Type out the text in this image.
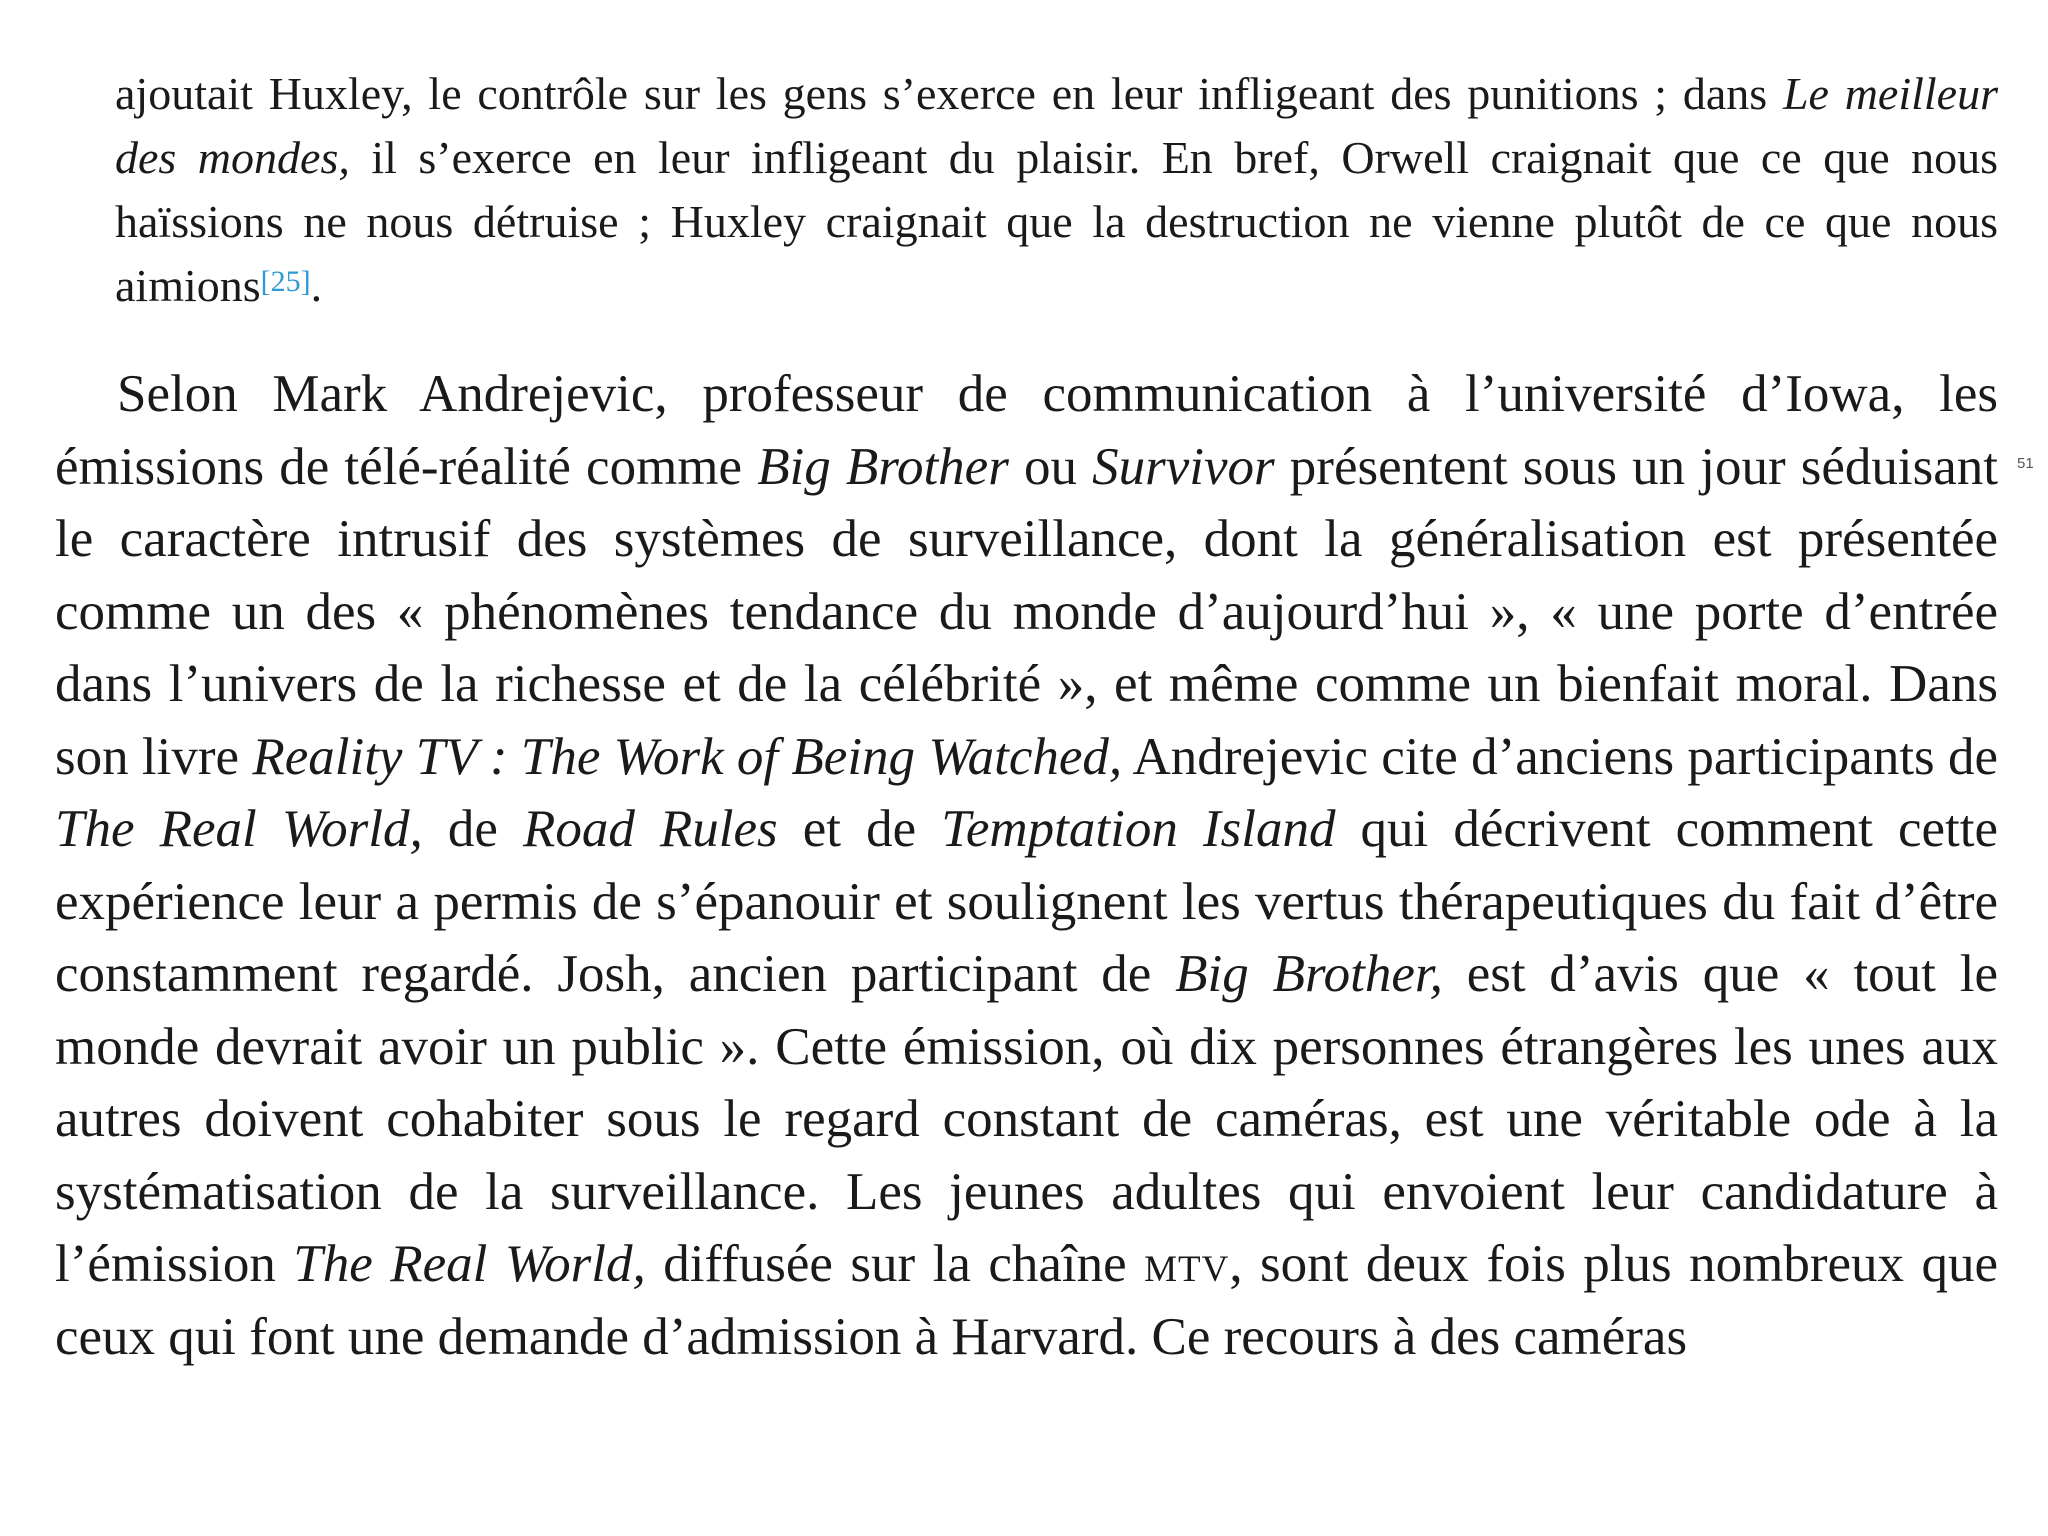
ajoutait Huxley, le contrôle sur les gens s’exerce en leur infligeant des punitions ; dans Le meilleur des mondes, il s’exerce en leur infligeant du plaisir. En bref, Orwell craignait que ce que nous haïssions ne nous détruise ; Huxley craignait que la destruction ne vienne plutôt de ce que nous aimions[25].

Selon Mark Andrejevic, professeur de communication à l’université d’Iowa, les émissions de télé-réalité comme Big Brother ou Survivor présentent sous un jour séduisant le caractère intrusif des systèmes de surveillance, dont la généralisation est présentée comme un des « phénomènes tendance du monde d’aujourd’hui », « une porte d’entrée dans l’univers de la richesse et de la célébrité », et même comme un bienfait moral. Dans son livre Reality TV : The Work of Being Watched, Andrejevic cite d’anciens participants de The Real World, de Road Rules et de Temptation Island qui décrivent comment cette expérience leur a permis de s’épanouir et soulignent les vertus thérapeutiques du fait d’être constamment regardé. Josh, ancien participant de Big Brother, est d’avis que « tout le monde devrait avoir un public ». Cette émission, où dix personnes étrangères les unes aux autres doivent cohabiter sous le regard constant de caméras, est une véritable ode à la systématisation de la surveillance. Les jeunes adultes qui envoient leur candidature à l’émission The Real World, diffusée sur la chaîne mtv, sont deux fois plus nombreux que ceux qui font une demande d’admission à Harvard. Ce recours à des caméras

51
